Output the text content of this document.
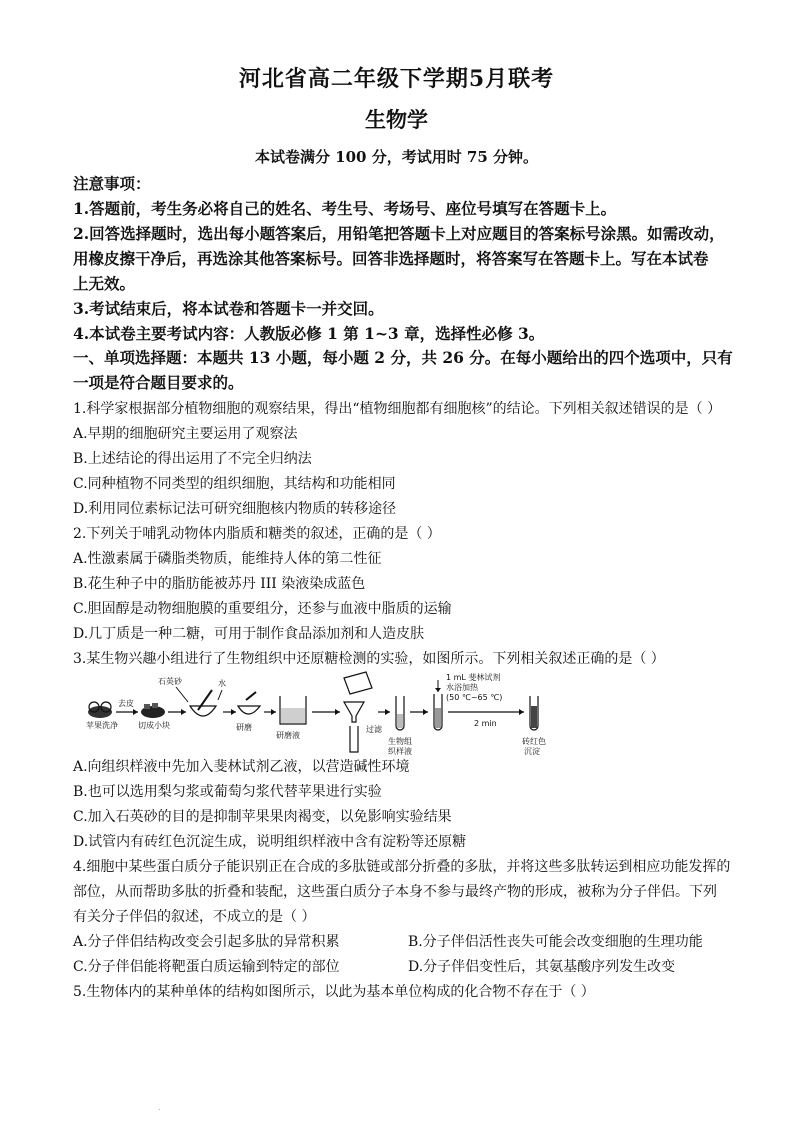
河北省高二年级下学期5月联考
生物学
本试卷满分 100 分，考试用时 75 分钟。
注意事项：
1.答题前，考生务必将自己的姓名、考生号、考场号、座位号填写在答题卡上。
2.回答选择题时，选出每小题答案后，用铅笔把答题卡上对应题目的答案标号涂黑。如需改动，
用橡皮擦干净后，再选涂其他答案标号。回答非选择题时，将答案写在答题卡上。写在本试卷
上无效。
3.考试结束后，将本试卷和答题卡一并交回。
4.本试卷主要考试内容：人教版必修 1 第 1~3 章，选择性必修 3。
一、单项选择题：本题共 13 小题，每小题 2 分，共 26 分。在每小题给出的四个选项中，只有
一项是符合题目要求的。
1.科学家根据部分植物细胞的观察结果，得出“植物细胞都有细胞核”的结论。下列相关叙述错误的是（ ）
A.早期的细胞研究主要运用了观察法
B.上述结论的得出运用了不完全归纳法
C.同种植物不同类型的组织细胞，其结构和功能相同
D.利用同位素标记法可研究细胞核内物质的转移途径
2.下列关于哺乳动物体内脂质和糖类的叙述，正确的是（ ）
A.性激素属于磷脂类物质，能维持人体的第二性征
B.花生种子中的脂肪能被苏丹 III 染液染成蓝色
C.胆固醇是动物细胞膜的重要组分，还参与血液中脂质的运输
D.几丁质是一种二糖，可用于制作食品添加剂和人造皮肤
3.某生物兴趣小组进行了生物组织中还原糖检测的实验，如图所示。下列相关叙述正确的是（ ）
苹果洗净
去皮
切成小块
石英砂	水
研磨
研磨液
过滤
生物组
织样液
1 mL 斐林试剂
水浴加热
(50 ℃~65 ℃)
2 min
砖红色
沉淀
A.向组织样液中先加入斐林试剂乙液，以营造碱性环境
B.也可以选用梨匀浆或葡萄匀浆代替苹果进行实验
C.加入石英砂的目的是抑制苹果果肉褐变，以免影响实验结果
D.试管内有砖红色沉淀生成，说明组织样液中含有淀粉等还原糖
4.细胞中某些蛋白质分子能识别正在合成的多肽链或部分折叠的多肽，并将这些多肽转运到相应功能发挥的
部位，从而帮助多肽的折叠和装配，这些蛋白质分子本身不参与最终产物的形成，被称为分子伴侣。下列
有关分子伴侣的叙述，不成立的是（ ）
A.分子伴侣结构改变会引起多肽的异常积累	B.分子伴侣活性丧失可能会改变细胞的生理功能
C.分子伴侣能将靶蛋白质运输到特定的部位	D.分子伴侣变性后，其氨基酸序列发生改变
5.生物体内的某种单体的结构如图所示，以此为基本单位构成的化合物不存在于（ ）
.
